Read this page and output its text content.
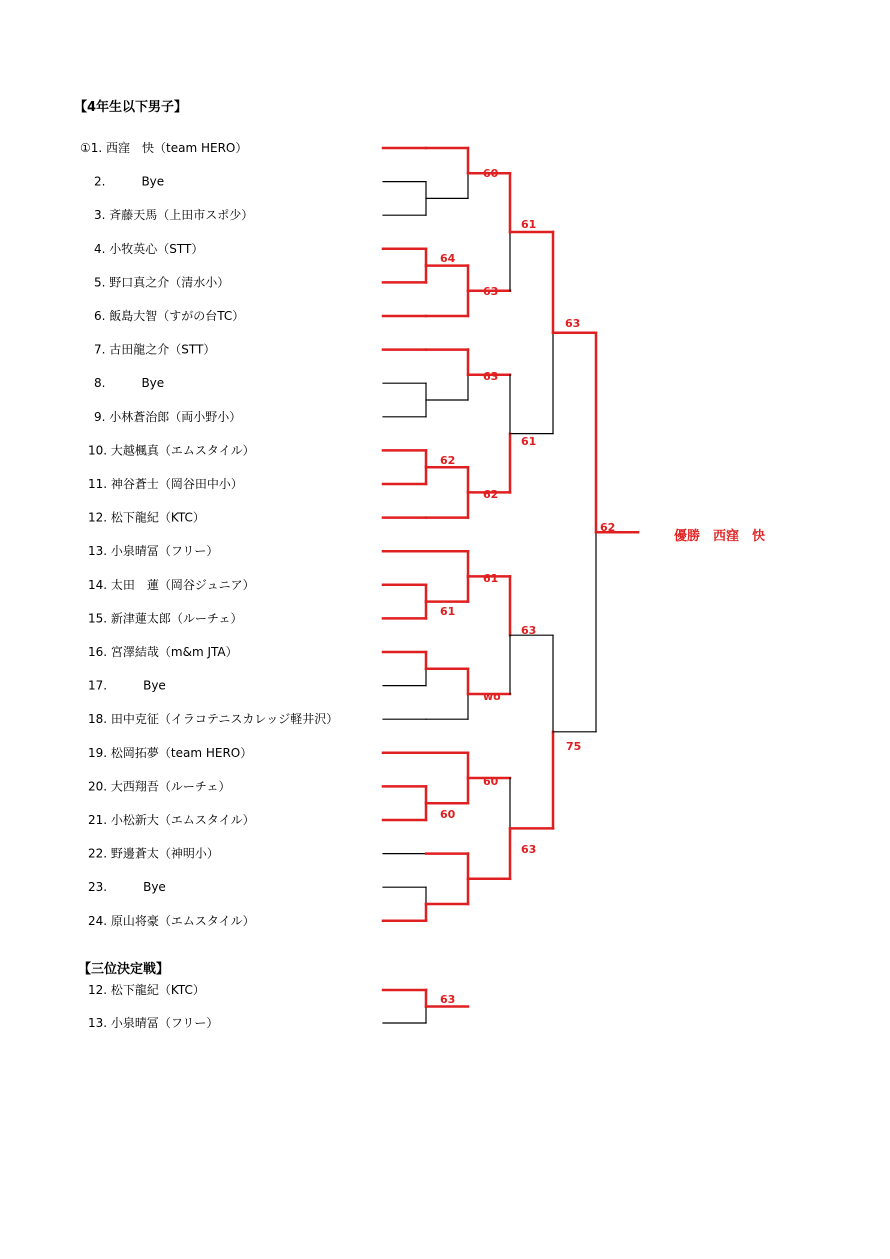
【4年生以下男子】
【三位決定戦】
①1. 西窪　快（team HERO）
2.　　　Bye
3. 斉藤天馬（上田市スポ少）
4. 小牧英心（STT）
5. 野口真之介（清水小）
6. 飯島大智（すがの台TC）
7. 古田龍之介（STT）
8.　　　Bye
9. 小林蒼治郎（両小野小）
10. 大越楓真（エムスタイル）
11. 神谷蒼士（岡谷田中小）
12. 松下龍紀（KTC）
13. 小泉晴冨（フリー）
14. 太田　蓮（岡谷ジュニア）
15. 新津蓮太郎（ルーチェ）
16. 宮澤結哉（m&m JTA）
17.　　　Bye
18. 田中克征（イラコテニスカレッジ軽井沢）
19. 松岡拓夢（team HERO）
20. 大西翔吾（ルーチェ）
21. 小松新大（エムスタイル）
22. 野邊蒼太（神明小）
23.　　　Bye
24. 原山将豪（エムスタイル）
60
61
64
63
63
63
61
62
62
62
61
61
63
wo
75
60
60
63
優勝　西窪　快
12. 松下龍紀（KTC）
13. 小泉晴冨（フリー）
63
